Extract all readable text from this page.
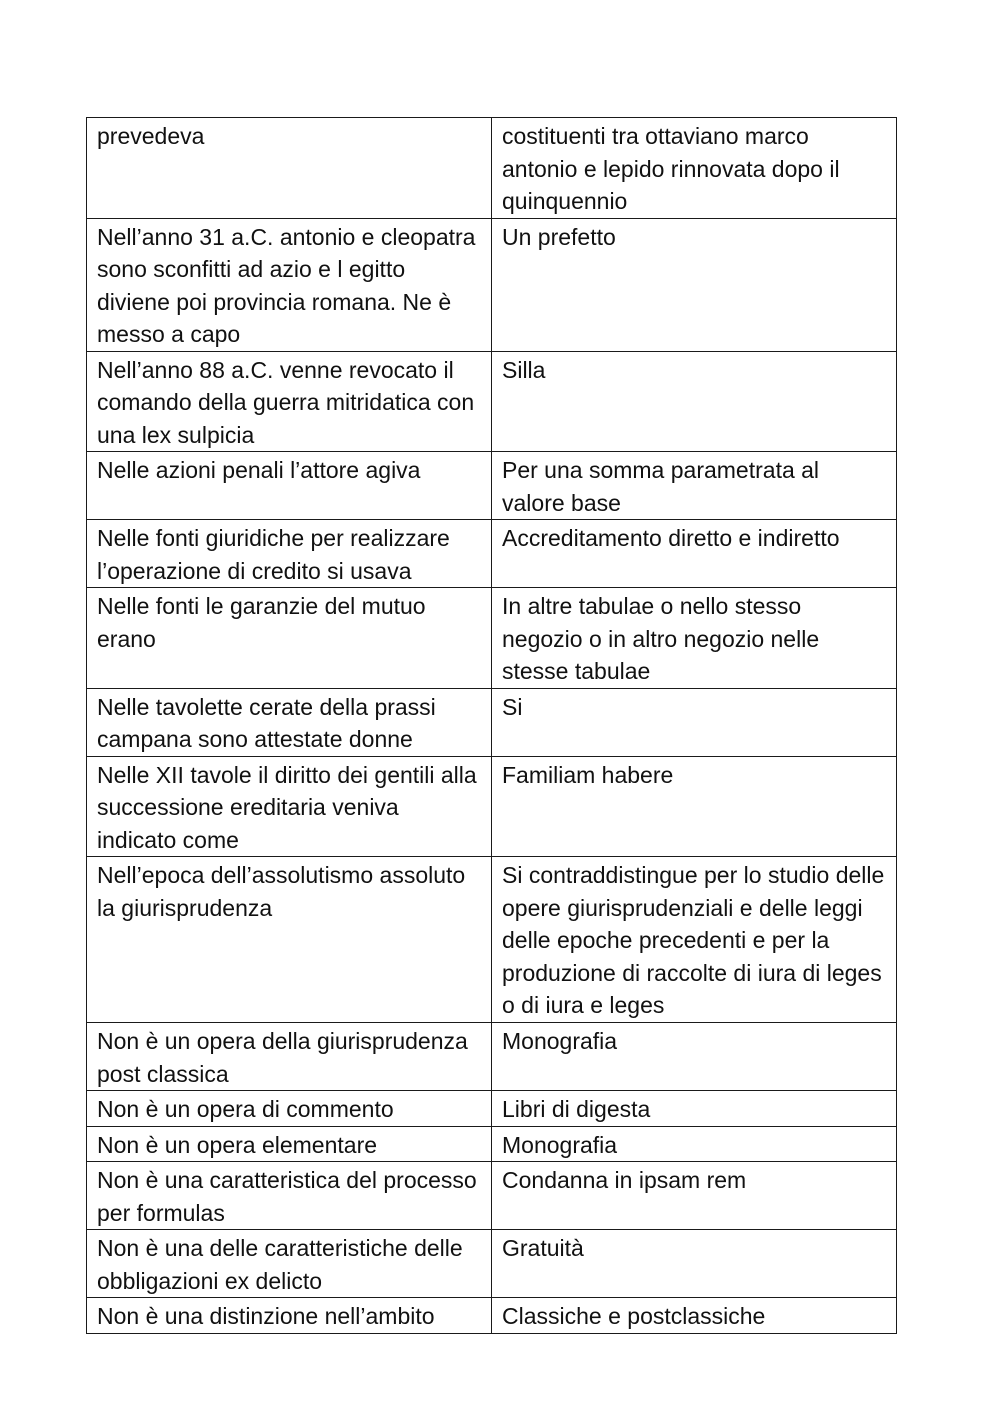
prevedeva	costituenti tra ottaviano marco antonio e lepido rinnovata dopo il quinquennio
Nell’anno 31 a.C. antonio e cleopatra sono sconfitti ad azio e l egitto diviene poi provincia romana. Ne è messo a capo	Un prefetto
Nell’anno 88 a.C. venne revocato il comando della guerra mitridatica con una lex sulpicia	Silla
Nelle azioni penali l’attore agiva	Per una somma parametrata al valore base
Nelle fonti giuridiche per realizzare l’operazione di credito si usava	Accreditamento diretto e indiretto
Nelle fonti le garanzie del mutuo erano	In altre tabulae o nello stesso negozio o in altro negozio nelle stesse tabulae
Nelle tavolette cerate della prassi campana sono attestate donne	Si
Nelle XII tavole il diritto dei gentili alla successione ereditaria veniva indicato come	Familiam habere
Nell’epoca dell’assolutismo assoluto la giurisprudenza	Si contraddistingue per lo studio delle opere giurisprudenziali e delle leggi delle epoche precedenti e per la produzione di raccolte di iura di leges o di iura e leges
Non è un opera della giurisprudenza post classica	Monografia
Non è un opera di commento	Libri di digesta
Non è un opera elementare	Monografia
Non è una caratteristica del processo per formulas	Condanna in ipsam rem
Non è una delle caratteristiche delle obbligazioni ex delicto	Gratuità
Non è una distinzione nell’ambito	Classiche e postclassiche
